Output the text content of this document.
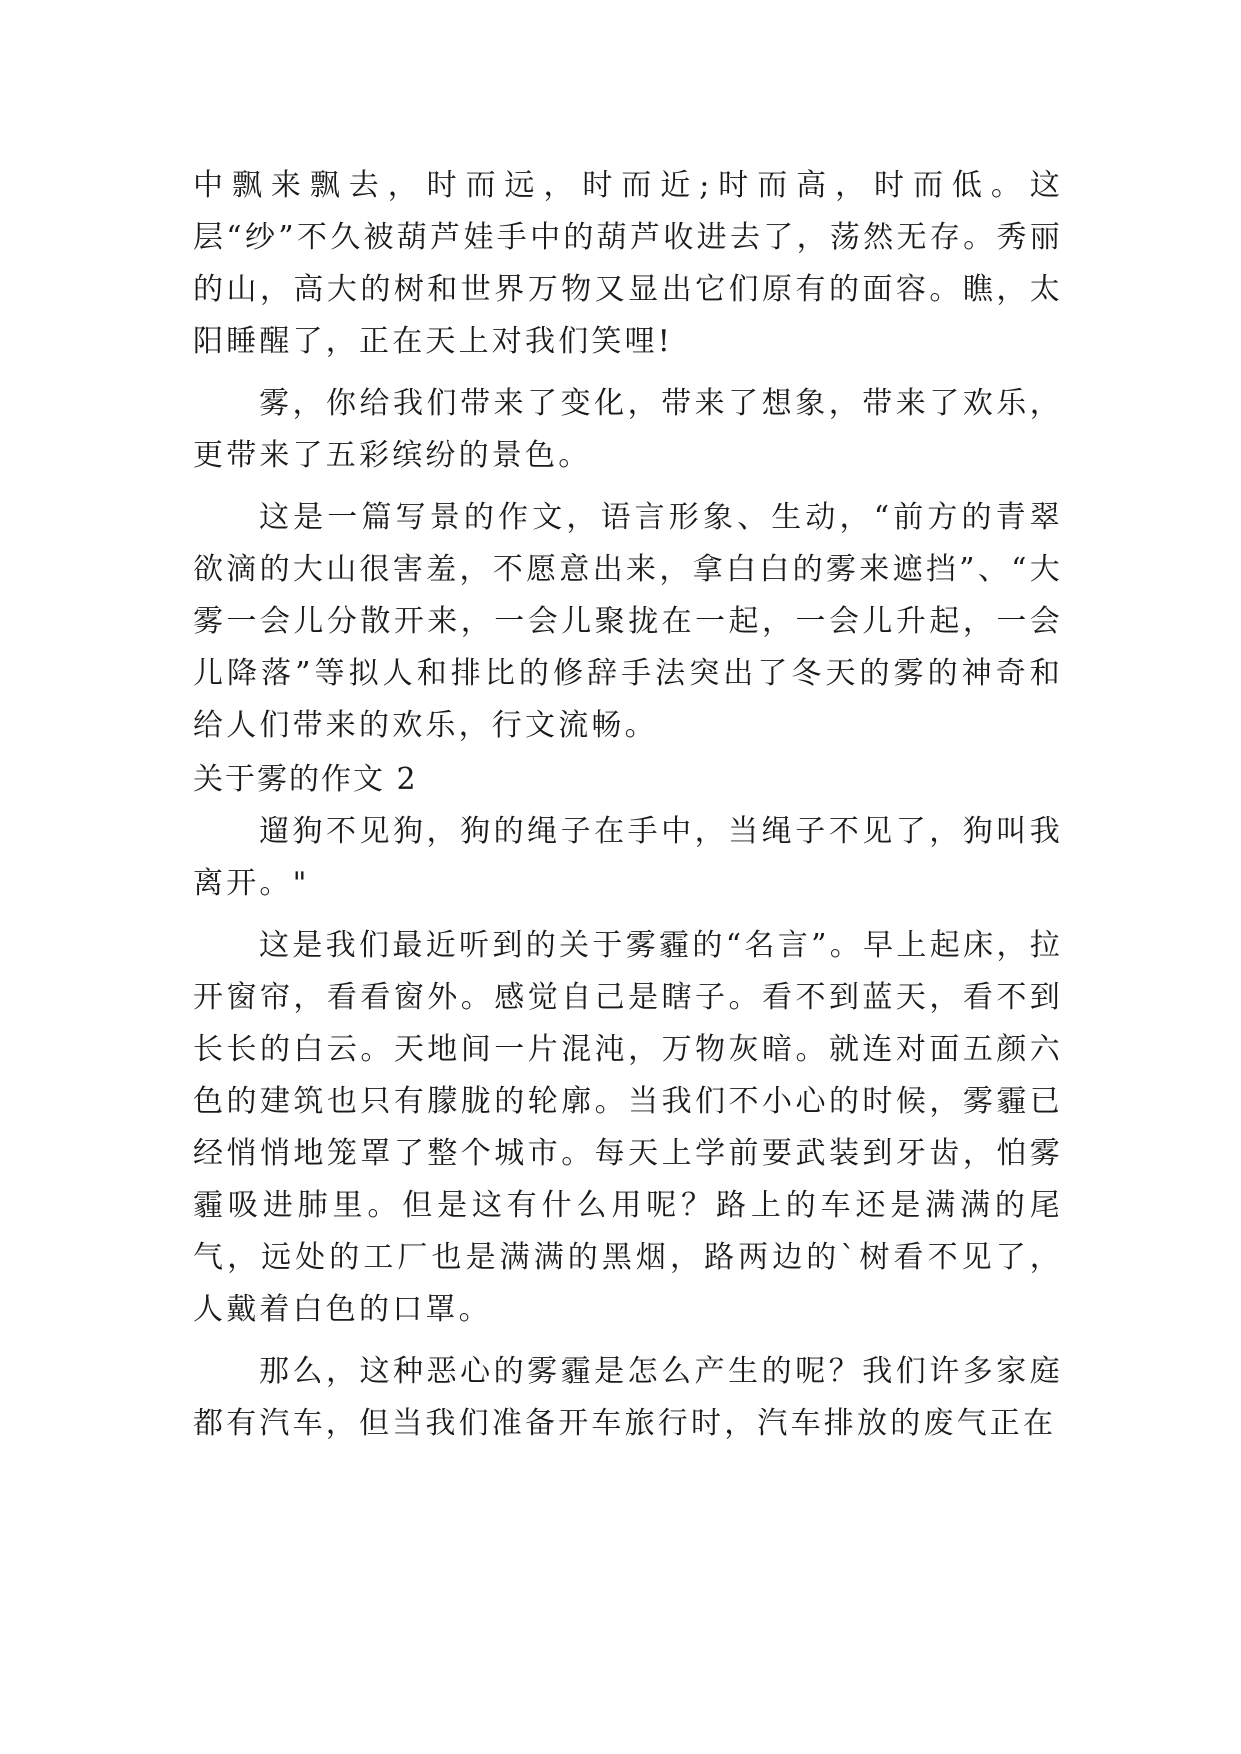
中飘来飘去，时而远，时而近;时而高，时而低。这层“纱”不久被葫芦娃手中的葫芦收进去了，荡然无存。秀丽的山，高大的树和世界万物又显出它们原有的面容。瞧，太阳睡醒了，正在天上对我们笑哩!

雾，你给我们带来了变化，带来了想象，带来了欢乐，更带来了五彩缤纷的景色。

这是一篇写景的作文，语言形象、生动，“前方的青翠欲滴的大山很害羞，不愿意出来，拿白白的雾来遮挡”、“大雾一会儿分散开来，一会儿聚拢在一起，一会儿升起，一会儿降落”等拟人和排比的修辞手法突出了冬天的雾的神奇和给人们带来的欢乐，行文流畅。

关于雾的作文 2

遛狗不见狗，狗的绳子在手中，当绳子不见了，狗叫我离开。"

这是我们最近听到的关于雾霾的“名言”。早上起床，拉开窗帘，看看窗外。感觉自己是瞎子。看不到蓝天，看不到长长的白云。天地间一片混沌，万物灰暗。就连对面五颜六色的建筑也只有朦胧的轮廓。当我们不小心的时候，雾霾已经悄悄地笼罩了整个城市。每天上学前要武装到牙齿，怕雾霾吸进肺里。但是这有什么用呢？路上的车还是满满的尾气，远处的工厂也是满满的黑烟，路两边的`树看不见了，人戴着白色的口罩。

那么，这种恶心的雾霾是怎么产生的呢？我们许多家庭都有汽车，但当我们准备开车旅行时，汽车排放的废气正在
